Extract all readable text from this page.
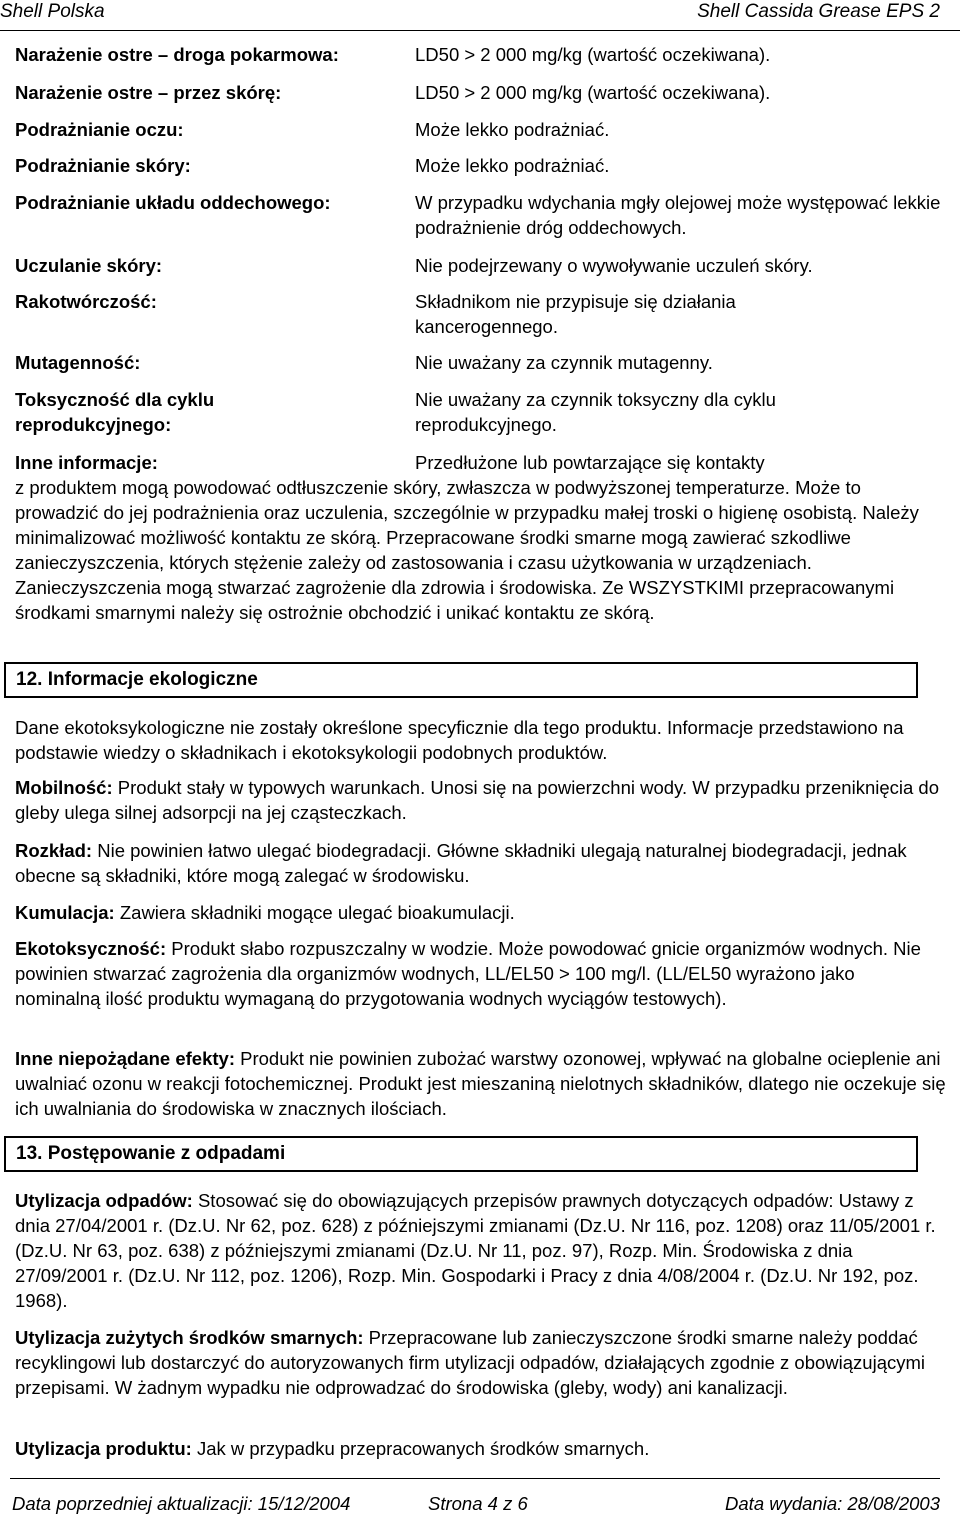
Shell Polska	Shell Cassida Grease EPS 2
Narażenie ostre – droga pokarmowa:	LD50 > 2 000 mg/kg (wartość oczekiwana).
Narażenie ostre – przez skórę:	LD50 > 2 000 mg/kg (wartość oczekiwana).
Podrażnianie oczu:	Może lekko podrażniać.
Podrażnianie skóry:	Może lekko podrażniać.
Podrażnianie układu oddechowego:	W przypadku wdychania mgły olejowej może występować lekkie podrażnienie dróg oddechowych.
Uczulanie skóry:	Nie podejrzewany o wywoływanie uczuleń skóry.
Rakotwórczość:	Składnikom nie przypisuje się działania kancerogennego.
Mutagenność:	Nie uważany za czynnik mutagenny.
Toksyczność dla cyklu reprodukcyjnego:
Nie uważany za czynnik toksyczny dla cyklu reprodukcyjnego.
Inne informacje:	Przedłużone lub powtarzające się kontakty
z produktem mogą powodować odtłuszczenie skóry, zwłaszcza w podwyższonej temperaturze. Może to prowadzić do jej podrażnienia oraz uczulenia, szczególnie w przypadku małej troski o higienę osobistą. Należy minimalizować możliwość kontaktu ze skórą. Przepracowane środki smarne mogą zawierać szkodliwe zanieczyszczenia, których stężenie zależy od zastosowania i czasu użytkowania w urządzeniach. Zanieczyszczenia mogą stwarzać zagrożenie dla zdrowia i środowiska. Ze WSZYSTKIMI przepracowanymi środkami smarnymi należy się ostrożnie obchodzić i unikać kontaktu ze skórą.
12. Informacje ekologiczne
Dane ekotoksykologiczne nie zostały określone specyficznie dla tego produktu. Informacje przedstawiono na podstawie wiedzy o składnikach i ekotoksykologii podobnych produktów.
Mobilność: Produkt stały w typowych warunkach. Unosi się na powierzchni wody. W przypadku przeniknięcia do gleby ulega silnej adsorpcji na jej cząsteczkach.
Rozkład: Nie powinien łatwo ulegać biodegradacji. Główne składniki ulegają naturalnej biodegradacji, jednak obecne są składniki, które mogą zalegać w środowisku.
Kumulacja: Zawiera składniki mogące ulegać bioakumulacji.
Ekotoksyczność: Produkt słabo rozpuszczalny w wodzie. Może powodować gnicie organizmów wodnych. Nie powinien stwarzać zagrożenia dla organizmów wodnych, LL/EL50 > 100 mg/l. (LL/EL50 wyrażono jako nominalną ilość produktu wymaganą do przygotowania wodnych wyciągów testowych).
Inne niepożądane efekty: Produkt nie powinien zubożać warstwy ozonowej, wpływać na globalne ocieplenie ani uwalniać ozonu w reakcji fotochemicznej. Produkt jest mieszaniną nielotnych składników, dlatego nie oczekuje się ich uwalniania do środowiska w znacznych ilościach.
13. Postępowanie z odpadami
Utylizacja odpadów: Stosować się do obowiązujących przepisów prawnych dotyczących odpadów: Ustawy z dnia 27/04/2001 r. (Dz.U. Nr 62, poz. 628) z późniejszymi zmianami (Dz.U. Nr 116, poz. 1208) oraz 11/05/2001 r. (Dz.U. Nr 63, poz. 638) z późniejszymi zmianami (Dz.U. Nr 11, poz. 97), Rozp. Min. Środowiska z dnia 27/09/2001 r. (Dz.U. Nr 112, poz. 1206), Rozp. Min. Gospodarki i Pracy z dnia 4/08/2004 r. (Dz.U. Nr 192, poz. 1968).
Utylizacja zużytych środków smarnych: Przepracowane lub zanieczyszczone środki smarne należy poddać recyklingowi lub dostarczyć do autoryzowanych firm utylizacji odpadów, działających zgodnie z obowiązującymi przepisami. W żadnym wypadku nie odprowadzać do środowiska (gleby, wody) ani kanalizacji.
Utylizacja produktu: Jak w przypadku przepracowanych środków smarnych.
Data poprzedniej aktualizacji: 15/12/2004	Strona 4 z 6	Data wydania: 28/08/2003
